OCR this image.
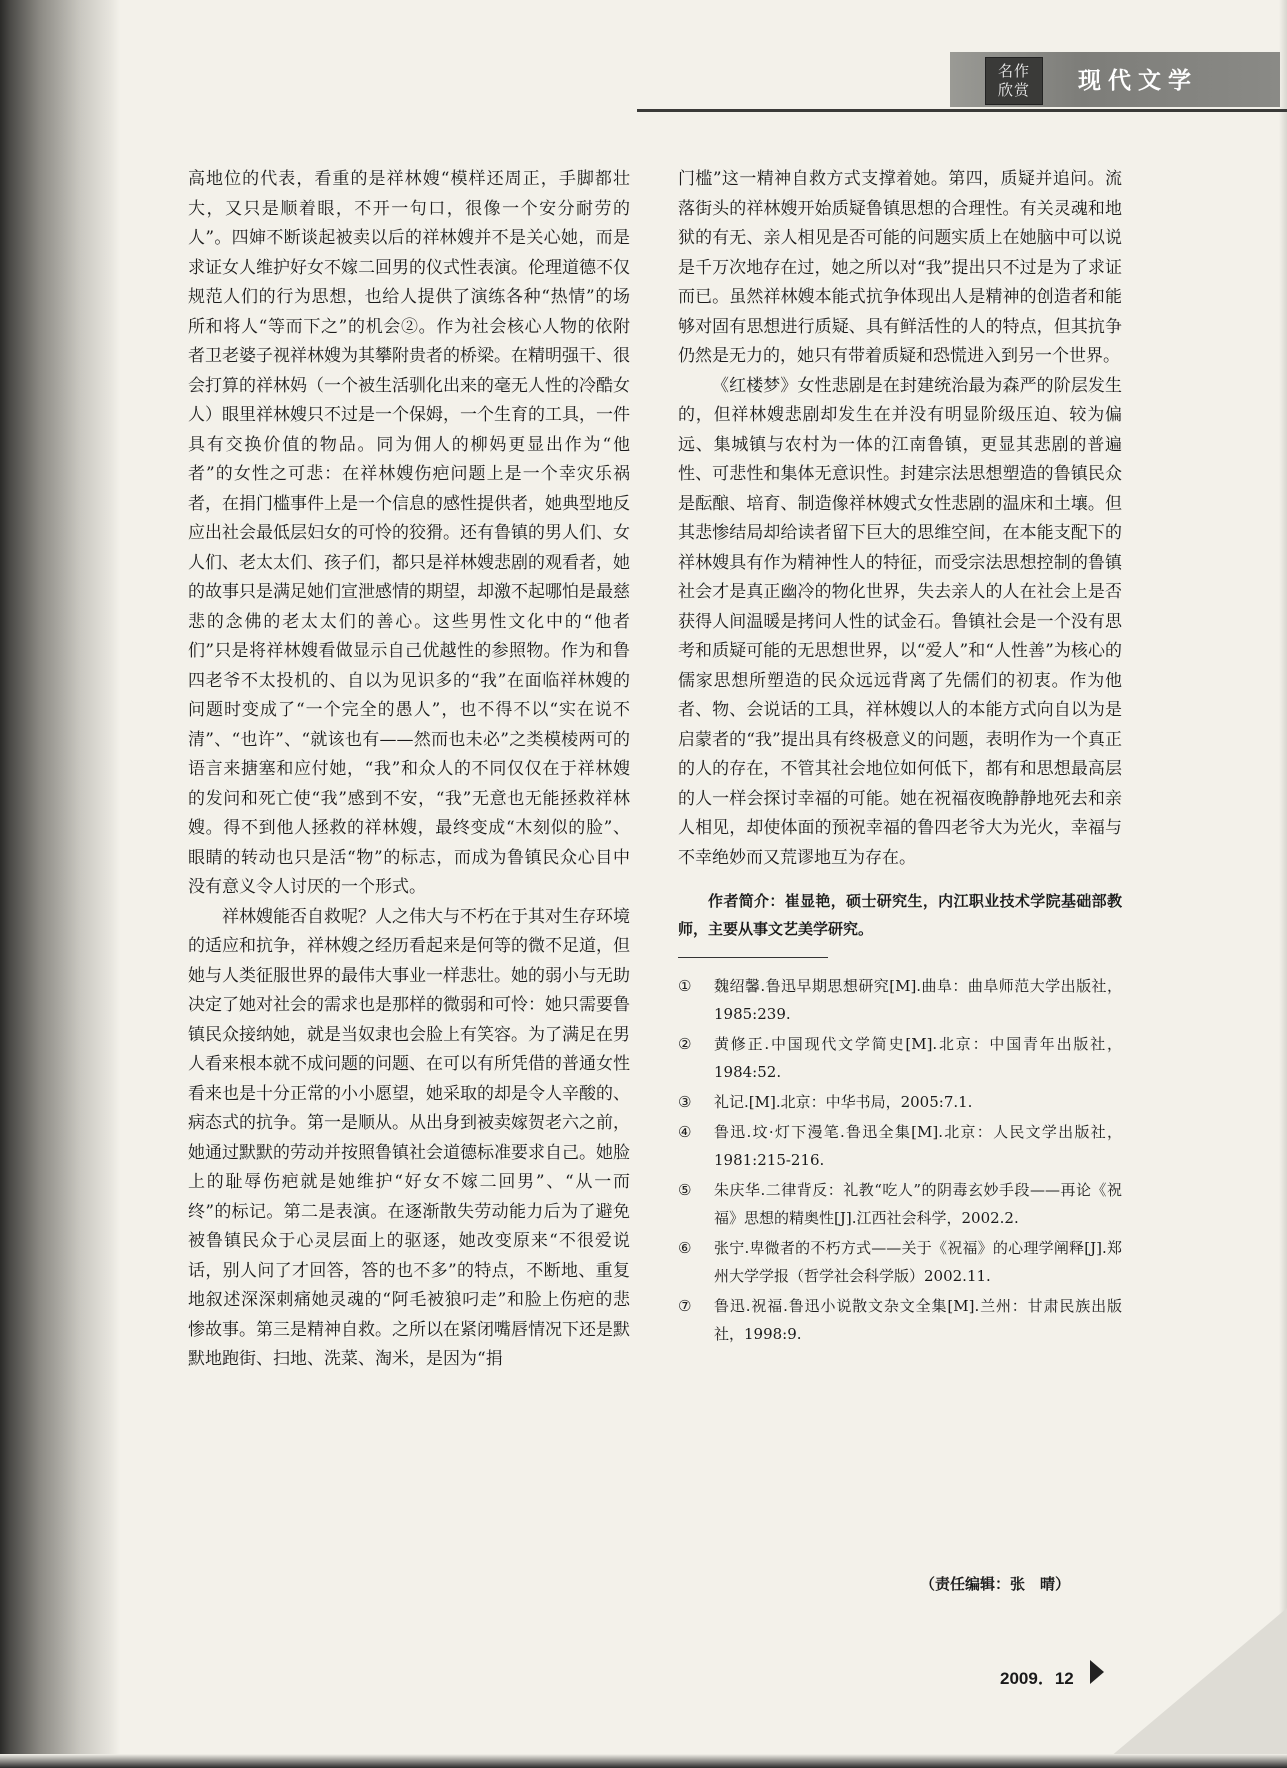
名作
欣赏 现代文学

高地位的代表，看重的是祥林嫂“模样还周正，手脚都壮大，又只是顺着眼，不开一句口，很像一个安分耐劳的人”。四婶不断谈起被卖以后的祥林嫂并不是关心她，而是求证女人维护好女不嫁二回男的仪式性表演。伦理道德不仅规范人们的行为思想，也给人提供了演练各种“热情”的场所和将人“等而下之”的机会②。作为社会核心人物的依附者卫老婆子视祥林嫂为其攀附贵者的桥梁。在精明强干、很会打算的祥林妈（一个被生活驯化出来的毫无人性的冷酷女人）眼里祥林嫂只不过是一个保姆，一个生育的工具，一件具有交换价值的物品。同为佣人的柳妈更显出作为“他者”的女性之可悲：在祥林嫂伤疤问题上是一个幸灾乐祸者，在捐门槛事件上是一个信息的感性提供者，她典型地反应出社会最低层妇女的可怜的狡猾。还有鲁镇的男人们、女人们、老太太们、孩子们，都只是祥林嫂悲剧的观看者，她的故事只是满足她们宣泄感情的期望，却激不起哪怕是最慈悲的念佛的老太太们的善心。这些男性文化中的“他者们”只是将祥林嫂看做显示自己优越性的参照物。作为和鲁四老爷不太投机的、自以为见识多的“我”在面临祥林嫂的问题时变成了“一个完全的愚人”，也不得不以“实在说不清”、“也许”、“就该也有——然而也未必”之类模棱两可的语言来搪塞和应付她，“我”和众人的不同仅仅在于祥林嫂的发问和死亡使“我”感到不安，“我”无意也无能拯救祥林嫂。得不到他人拯救的祥林嫂，最终变成“木刻似的脸”、眼睛的转动也只是活“物”的标志，而成为鲁镇民众心目中没有意义令人讨厌的一个形式。

祥林嫂能否自救呢？人之伟大与不朽在于其对生存环境的适应和抗争，祥林嫂之经历看起来是何等的微不足道，但她与人类征服世界的最伟大事业一样悲壮。她的弱小与无助决定了她对社会的需求也是那样的微弱和可怜：她只需要鲁镇民众接纳她，就是当奴隶也会脸上有笑容。为了满足在男人看来根本就不成问题的问题、在可以有所凭借的普通女性看来也是十分正常的小小愿望，她采取的却是令人辛酸的、病态式的抗争。第一是顺从。从出身到被卖嫁贺老六之前，她通过默默的劳动并按照鲁镇社会道德标准要求自己。她脸上的耻辱伤疤就是她维护“好女不嫁二回男”、“从一而终”的标记。第二是表演。在逐渐散失劳动能力后为了避免被鲁镇民众于心灵层面上的驱逐，她改变原来“不很爱说话，别人问了才回答，答的也不多”的特点，不断地、重复地叙述深深刺痛她灵魂的“阿毛被狼叼走”和脸上伤疤的悲惨故事。第三是精神自救。之所以在紧闭嘴唇情况下还是默默地跑街、扫地、洗菜、淘米，是因为“捐

门槛”这一精神自救方式支撑着她。第四，质疑并追问。流落街头的祥林嫂开始质疑鲁镇思想的合理性。有关灵魂和地狱的有无、亲人相见是否可能的问题实质上在她脑中可以说是千万次地存在过，她之所以对“我”提出只不过是为了求证而已。虽然祥林嫂本能式抗争体现出人是精神的创造者和能够对固有思想进行质疑、具有鲜活性的人的特点，但其抗争仍然是无力的，她只有带着质疑和恐慌进入到另一个世界。

《红楼梦》女性悲剧是在封建统治最为森严的阶层发生的，但祥林嫂悲剧却发生在并没有明显阶级压迫、较为偏远、集城镇与农村为一体的江南鲁镇，更显其悲剧的普遍性、可悲性和集体无意识性。封建宗法思想塑造的鲁镇民众是酝酿、培育、制造像祥林嫂式女性悲剧的温床和土壤。但其悲惨结局却给读者留下巨大的思维空间，在本能支配下的祥林嫂具有作为精神性人的特征，而受宗法思想控制的鲁镇社会才是真正幽冷的物化世界，失去亲人的人在社会上是否获得人间温暖是拷问人性的试金石。鲁镇社会是一个没有思考和质疑可能的无思想世界，以“爱人”和“人性善”为核心的儒家思想所塑造的民众远远背离了先儒们的初衷。作为他者、物、会说话的工具，祥林嫂以人的本能方式向自以为是启蒙者的“我”提出具有终极意义的问题，表明作为一个真正的人的存在，不管其社会地位如何低下，都有和思想最高层的人一样会探讨幸福的可能。她在祝福夜晚静静地死去和亲人相见，却使体面的预祝幸福的鲁四老爷大为光火，幸福与不幸绝妙而又荒谬地互为存在。

作者简介：崔显艳，硕士研究生，内江职业技术学院基础部教师，主要从事文艺美学研究。
①	魏绍馨.鲁迅早期思想研究[M].曲阜：曲阜师范大学出版社，1985:239.
②	黄修正.中国现代文学简史[M].北京：中国青年出版社，1984:52.
③	礼记.[M].北京：中华书局，2005:7.1.
④	鲁迅.坟·灯下漫笔.鲁迅全集[M].北京：人民文学出版社，1981:215-216.
⑤	朱庆华.二律背反：礼教“吃人”的阴毒玄妙手段——再论《祝福》思想的精奥性[J].江西社会科学，2002.2.
⑥	张宁.卑微者的不朽方式——关于《祝福》的心理学阐释[J].郑州大学学报（哲学社会科学版）2002.11.
⑦	鲁迅.祝福.鲁迅小说散文杂文全集[M].兰州：甘肃民族出版社，1998:9.
（责任编辑：张　晴）
2009．12
